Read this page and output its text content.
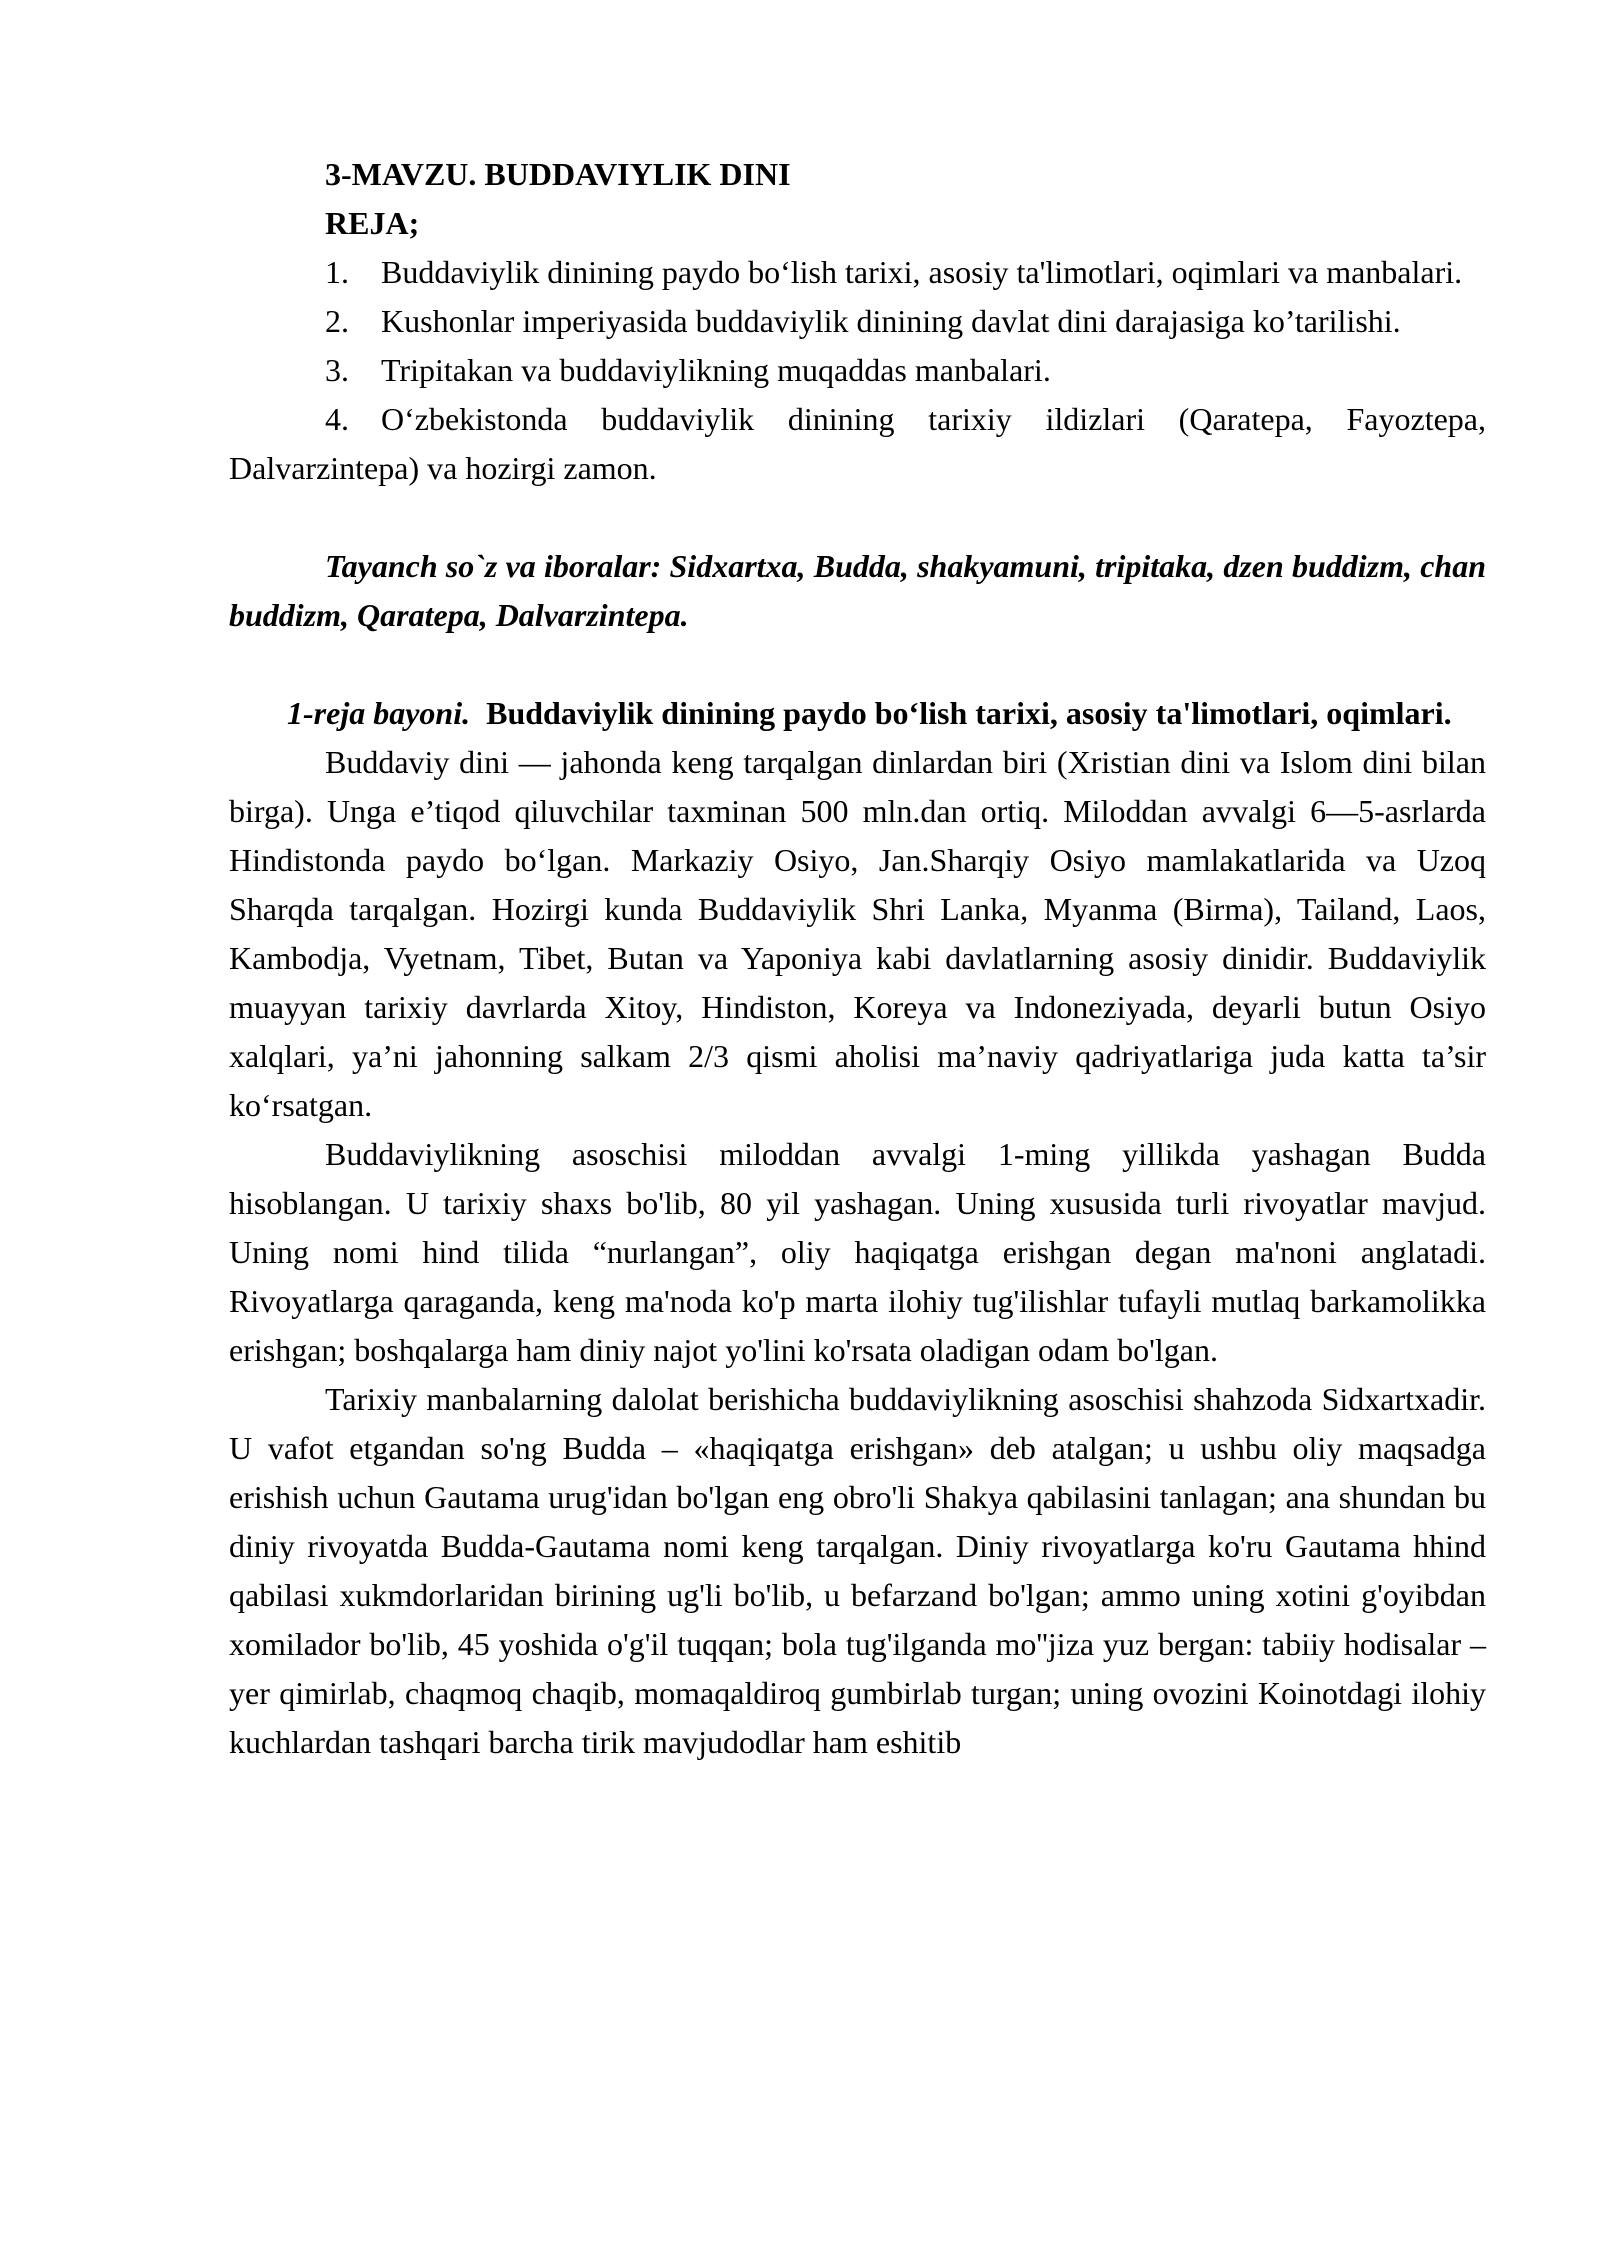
3-MAVZU. BUDDAVIYLIK DINI
REJA;

1. Buddaviylik dinining paydo bo‘lish tarixi, asosiy ta'limotlari, oqimlari va manbalari.

2. Kushonlar imperiyasida buddaviylik dinining davlat dini darajasiga ko’tarilishi.

3. Tripitakan va buddaviylikning muqaddas manbalari.

4. O‘zbekistonda buddaviylik dinining tarixiy ildizlari (Qaratepa, Fayoztepa, Dalvarzintepa) va hozirgi zamon.

Tayanch so`z va iboralar: Sidxartxa, Budda, shakyamuni, tripitaka, dzen buddizm, chan buddizm, Qaratepa, Dalvarzintepa.

1-reja bayoni. Buddaviylik dinining paydo bo‘lish tarixi, asosiy ta'limotlari, oqimlari.

Buddaviy dini — jahonda keng tarqalgan dinlardan biri (Xristian dini va Islom dini bilan birga). Unga e’tiqod qiluvchilar taxminan 500 mln.dan ortiq. Miloddan avvalgi 6—5-asrlarda Hindistonda paydo bo‘lgan. Markaziy Osiyo, Jan.Sharqiy Osiyo mamlakatlarida va Uzoq Sharqda tarqalgan. Hozirgi kunda Buddaviylik Shri Lanka, Myanma (Birma), Tailand, Laos, Kambodja, Vyetnam, Tibet, Butan va Yaponiya kabi davlatlarning asosiy dinidir. Buddaviylik muayyan tarixiy davrlarda Xitoy, Hindiston, Koreya va Indoneziyada, deyarli butun Osiyo xalqlari, ya’ni jahonning salkam 2/3 qismi aholisi ma’naviy qadriyatlariga juda katta ta’sir ko‘rsatgan.

Buddaviylikning asoschisi miloddan avvalgi 1-ming yillikda yashagan Budda hisoblangan. U tarixiy shaxs bo'lib, 80 yil yashagan. Uning xususida turli rivoyatlar mavjud. Uning nomi hind tilida “nurlangan”, oliy haqiqatga erishgan degan ma'noni anglatadi. Rivoyatlarga qaraganda, keng ma'noda ko'p marta ilohiy tug'ilishlar tufayli mutlaq barkamolikka erishgan; boshqalarga ham diniy najot yo'lini ko'rsata oladigan odam bo'lgan.

Tarixiy manbalarning dalolat berishicha buddaviylikning asoschisi shahzoda Sidxartxadir. U vafot etgandan so'ng Budda – «haqiqatga erishgan» deb atalgan; u ushbu oliy maqsadga erishish uchun Gautama urug'idan bo'lgan eng obro'li Shakya qabilasini tanlagan; ana shundan bu diniy rivoyatda Budda-Gautama nomi keng tarqalgan. Diniy rivoyatlarga ko'ru Gautama hhind qabilasi xukmdorlaridan birining ug'li bo'lib, u befarzand bo'lgan; ammo uning xotini g'oyibdan xomilador bo'lib, 45 yoshida o'g'il tuqqan; bola tug'ilganda mo''jiza yuz bergan: tabiiy hodisalar – yer qimirlab, chaqmoq chaqib, momaqaldiroq gumbirlab turgan; uning ovozini Koinotdagi ilohiy kuchlardan tashqari barcha tirik mavjudodlar ham eshitib
